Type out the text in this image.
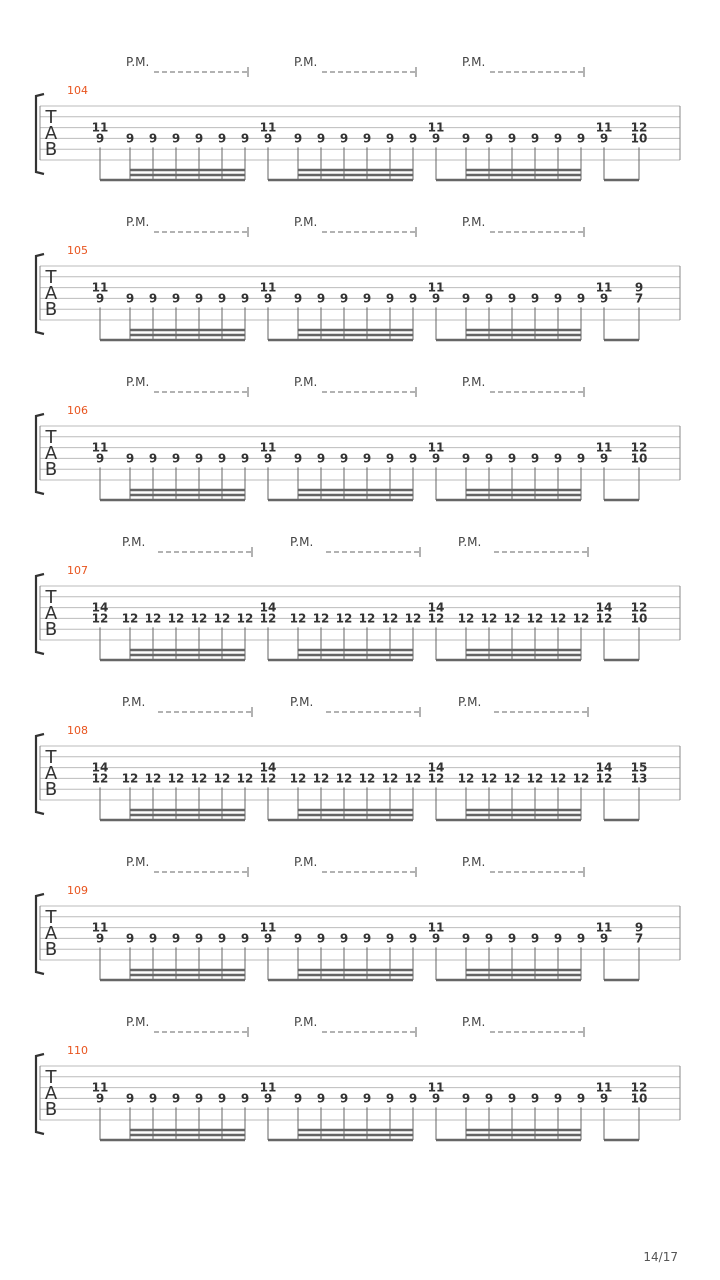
T
A
B
104
P.M.	P.M.	P.M.
11
9 9 9 9 9 9 9
11
9 9 9 9 9 9 9
11
9 9 9 9 9 9 9
11
9
12
10
T
A
B
105
P.M.	P.M.	P.M.
11
9 9 9 9 9 9 9
11
9 9 9 9 9 9 9
11
9 9 9 9 9 9 9
11
9
9
7
T
A
B
106
P.M.	P.M.	P.M.
11
9 9 9 9 9 9 9
11
9 9 9 9 9 9 9
11
9 9 9 9 9 9 9
11
9
12
10
T
A
B
107
P.M.	P.M.	P.M.
14
12 12 12 12 12 12 12
14
12 12 12 12 12 12 12
14
12 12 12 12 12 12 12
14
12
12
10
T
A
B
108
P.M.	P.M.	P.M.
14
12 12 12 12 12 12 12
14
12 12 12 12 12 12 12
14
12 12 12 12 12 12 12
14
12
15
13
T
A
B
109
P.M.	P.M.	P.M.
11
9 9 9 9 9 9 9
11
9 9 9 9 9 9 9
11
9 9 9 9 9 9 9
11
9
9
7
T
A
B
110
P.M.	P.M.	P.M.
11
9 9 9 9 9 9 9
11
9 9 9 9 9 9 9
11
9 9 9 9 9 9 9
11
9
12
10
14/17
